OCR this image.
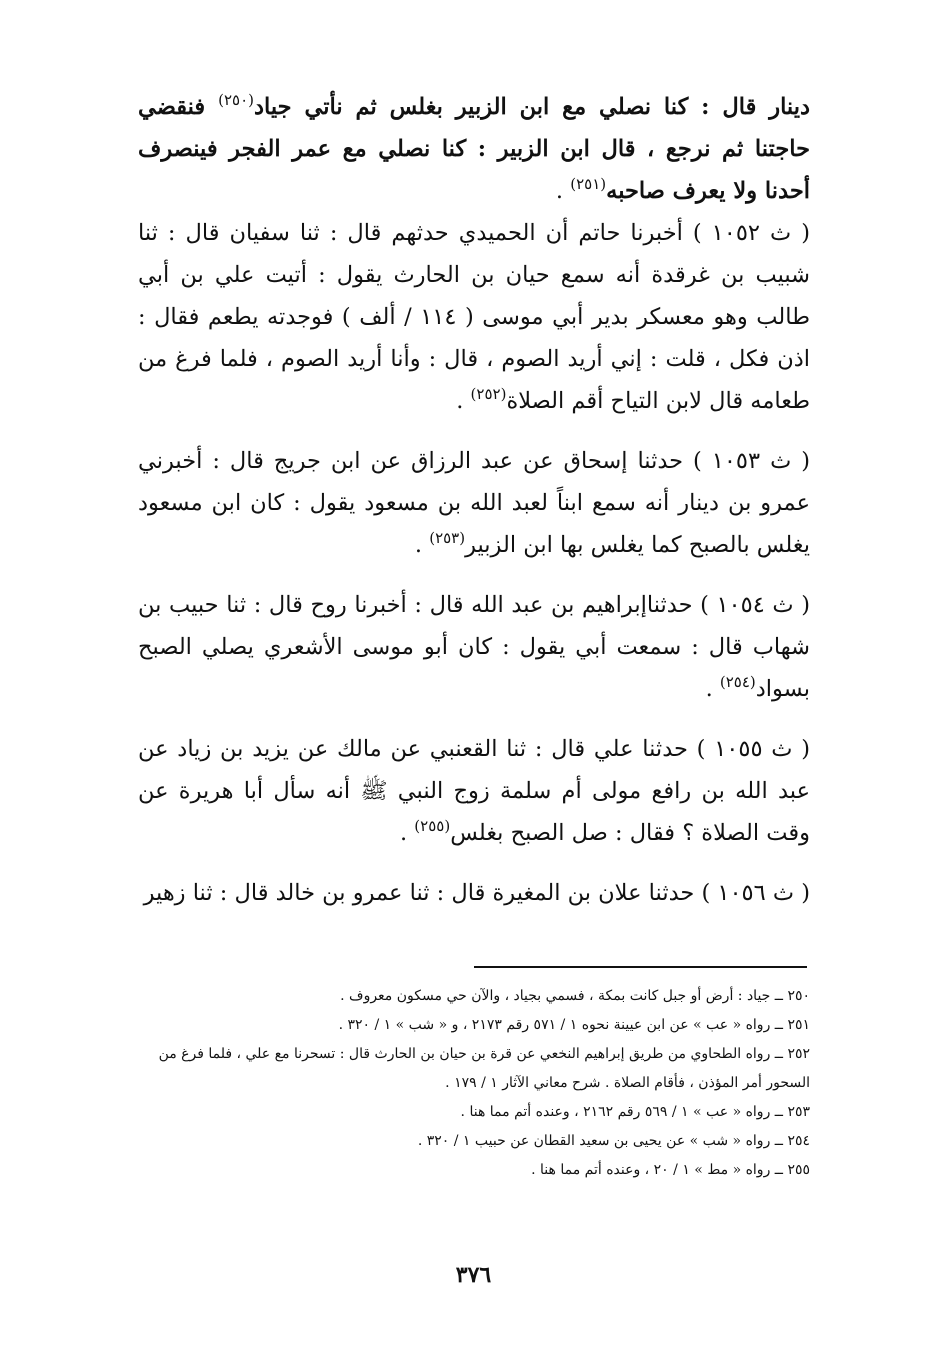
دينار قال : كنا نصلي مع ابن الزبير بغلس ثم نأتي جياد$^{(٢٥٠)}$ فنقضي حاجتنا ثم نرجع ، قال ابن الزبير : كنا نصلي مع عمر الفجر فينصرف أحدنا ولا يعرف صاحبه$^{(٢٥١)}$ .

( ث ١٠٥٢ ) أخبرنا حاتم أن الحميدي حدثهم قال : ثنا سفيان قال : ثنا شبيب بن غرقدة أنه سمع حيان بن الحارث يقول : أتيت علي بن أبي طالب وهو معسكر بدير أبي موسى ( ١١٤ / ألف ) فوجدته يطعم فقال : اذن فكل ، قلت : إني أريد الصوم ، قال : وأنا أريد الصوم ، فلما فرغ من طعامه قال لابن التياح أقم الصلاة$^{(٢٥٢)}$ .

( ث ١٠٥٣ ) حدثنا إسحاق عن عبد الرزاق عن ابن جريج قال : أخبرني عمرو بن دينار أنه سمع ابناً لعبد الله بن مسعود يقول : كان ابن مسعود يغلس بالصبح كما يغلس بها ابن الزبير$^{(٢٥٣)}$ .

( ث ١٠٥٤ ) حدثناإبراهيم بن عبد الله قال : أخبرنا روح قال : ثنا حبيب بن شهاب قال : سمعت أبي يقول : كان أبو موسى الأشعري يصلي الصبح بسواد$^{(٢٥٤)}$ .

( ث ١٠٥٥ ) حدثنا علي قال : ثنا القعنبي عن مالك عن يزيد بن زياد عن عبد الله بن رافع مولى أم سلمة زوج النبي ﷺ أنه سأل أبا هريرة عن وقت الصلاة ؟ فقال : صل الصبح بغلس$^{(٢٥٥)}$ .

( ث ١٠٥٦ ) حدثنا علان بن المغيرة قال : ثنا عمرو بن خالد قال : ثنا زهير

٢٥٠ ــ جياد : أرض أو جبل كانت بمكة ، فسمي بجياد ، والآن حي مسكون معروف .

٢٥١ ــ رواه « عب » عن ابن عيينة نحوه ١ / ٥٧١ رقم ٢١٧٣ ، و « شب » ١ / ٣٢٠ .

٢٥٢ ــ رواه الطحاوي من طريق إبراهيم النخعي عن قرة بن حيان بن الحارث قال : تسحرنا مع علي ، فلما فرغ من السحور أمر المؤذن ، فأقام الصلاة . شرح معاني الآثار ١ / ١٧٩ .

٢٥٣ ــ رواه « عب » ١ / ٥٦٩ رقم ٢١٦٢ ، وعنده أتم مما هنا .

٢٥٤ ــ رواه « شب » عن يحيى بن سعيد القطان عن حبيب ١ / ٣٢٠ .

٢٥٥ ــ رواه « مط » ١ / ٢٠ ، وعنده أتم مما هنا .

٣٧٦
